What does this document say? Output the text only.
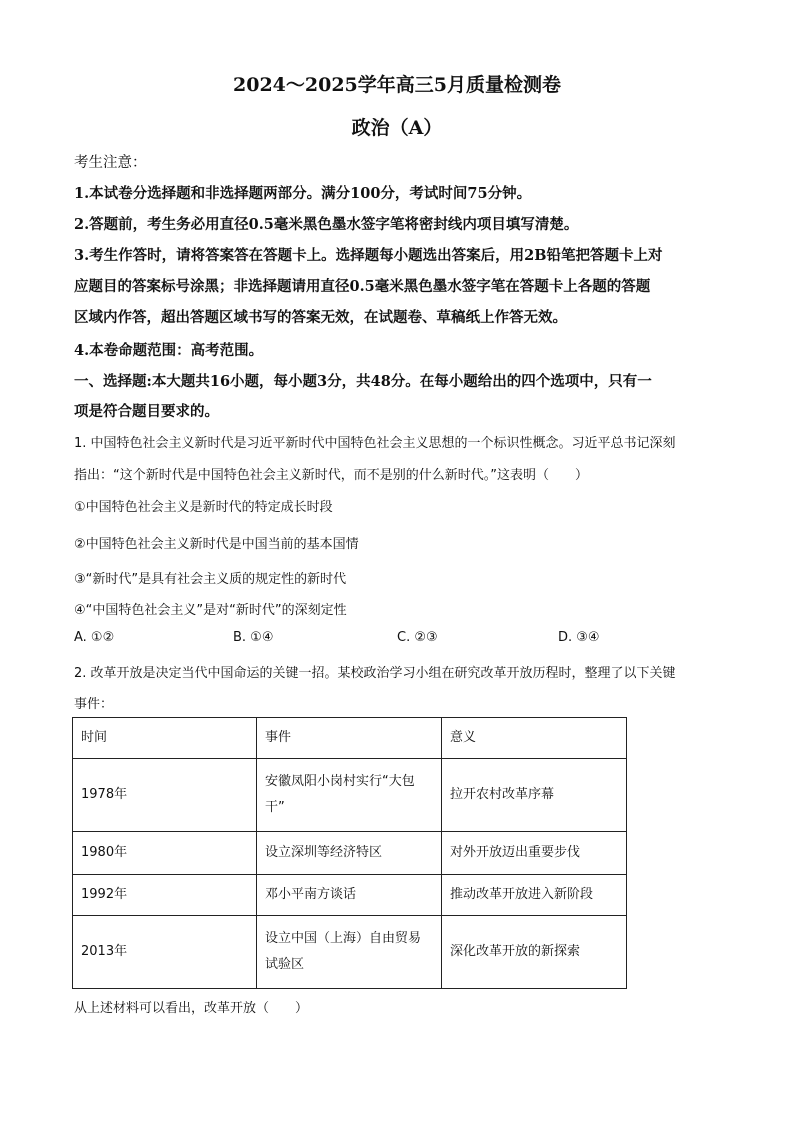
2024～2025学年高三5月质量检测卷
政治（A）
考生注意：
1.本试卷分选择题和非选择题两部分。满分100分，考试时间75分钟。
2.答题前，考生务必用直径0.5毫米黑色墨水签字笔将密封线内项目填写清楚。
3.考生作答时，请将答案答在答题卡上。选择题每小题选出答案后，用2B铅笔把答题卡上对
应题目的答案标号涂黑；非选择题请用直径0.5毫米黑色墨水签字笔在答题卡上各题的答题
区域内作答，超出答题区域书写的答案无效，在试题卷、草稿纸上作答无效。
4.本卷命题范围：高考范围。
一、选择题:本大题共16小题，每小题3分，共48分。在每小题给出的四个选项中，只有一
项是符合题目要求的。
1. 中国特色社会主义新时代是习近平新时代中国特色社会主义思想的一个标识性概念。习近平总书记深刻
指出：“这个新时代是中国特色社会主义新时代，而不是别的什么新时代。”这表明（　　）
①中国特色社会主义是新时代的特定成长时段
②中国特色社会主义新时代是中国当前的基本国情
③“新时代”是具有社会主义质的规定性的新时代
④“中国特色社会主义”是对“新时代”的深刻定性
A. ①②	B. ①④	C. ②③	D. ③④
2. 改革开放是决定当代中国命运的关键一招。某校政治学习小组在研究改革开放历程时，整理了以下关键
事件：
时间	事件	意义
1978年	安徽凤阳小岗村实行“大包干”	拉开农村改革序幕
1980年	设立深圳等经济特区	对外开放迈出重要步伐
1992年	邓小平南方谈话	推动改革开放进入新阶段
2013年	设立中国（上海）自由贸易试验区	深化改革开放的新探索
从上述材料可以看出，改革开放（　　）
